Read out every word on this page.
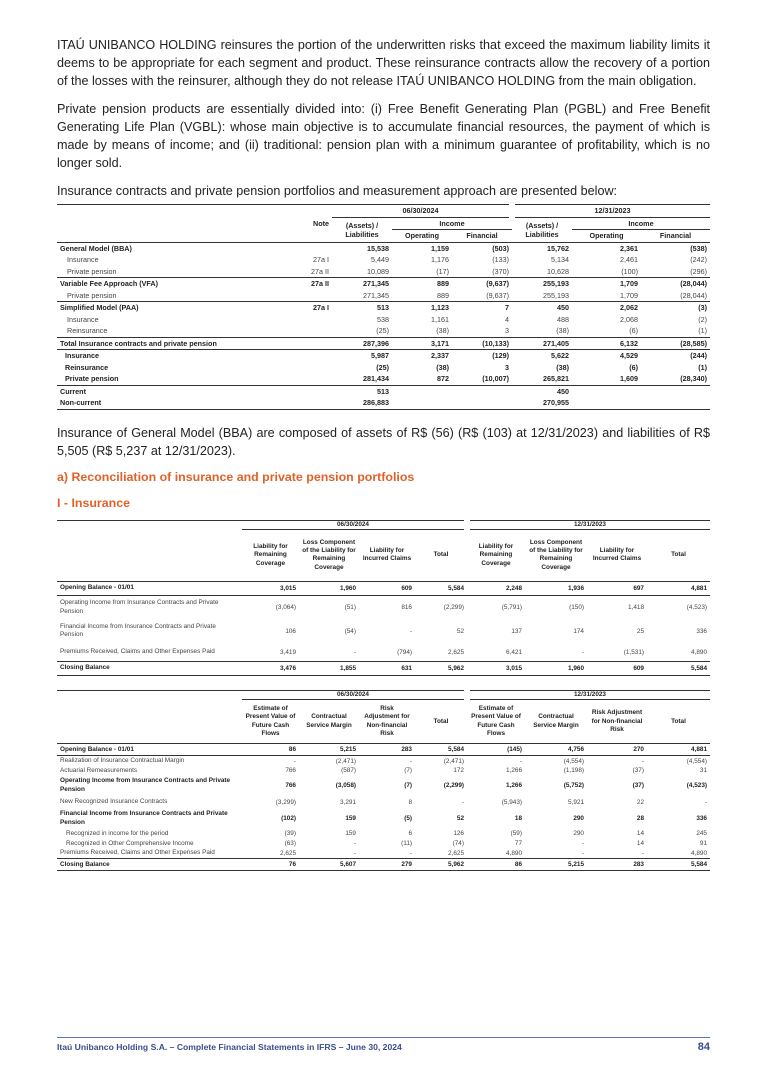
ITAÚ UNIBANCO HOLDING reinsures the portion of the underwritten risks that exceed the maximum liability limits it deems to be appropriate for each segment and product. These reinsurance contracts allow the recovery of a portion of the losses with the reinsurer, although they do not release ITAÚ UNIBANCO HOLDING from the main obligation.

Private pension products are essentially divided into: (i) Free Benefit Generating Plan (PGBL) and Free Benefit Generating Life Plan (VGBL): whose main objective is to accumulate financial resources, the payment of which is made by means of income; and (ii) traditional: pension plan with a minimum guarantee of profitability, which is no longer sold.

Insurance contracts and private pension portfolios and measurement approach are presented below:

		06/30/2024			12/31/2023		
	Note	(Assets) / Liabilities	Income		(Assets) / Liabilities	Income	
			Operating	Financial		Operating	Financial
General Model (BBA)		15,538	1,159	(503)	15,762	2,361	(538)
Insurance	27a I	5,449	1,176	(133)	5,134	2,461	(242)
Private pension	27a II	10,089	(17)	(370)	10,628	(100)	(296)
Variable Fee Approach (VFA)	27a II	271,345	889	(9,637)	255,193	1,709	(28,044)
Private pension		271,345	889	(9,637)	255,193	1,709	(28,044)
Simplified Model (PAA)	27a I	513	1,123	7	450	2,062	(3)
Insurance		538	1,161	4	488	2,068	(2)
Reinsurance		(25)	(38)	3	(38)	(6)	(1)
Total Insurance contracts and private pension		287,396	3,171	(10,133)	271,405	6,132	(28,585)
Insurance		5,987	2,337	(129)	5,622	4,529	(244)
Reinsurance		(25)	(38)	3	(38)	(6)	(1)
Private pension		281,434	872	(10,007)	265,821	1,609	(28,340)
Current		513			450		
Non-current		286,883			270,955		

Insurance of General Model (BBA) are composed of assets of R$ (56) (R$ (103) at 12/31/2023) and liabilities of R$ 5,505 (R$ 5,237 at 12/31/2023).

a) Reconciliation of insurance and private pension portfolios

I - Insurance

	06/30/2024				12/31/2023			
	Liability for Remaining Coverage	Loss Component of the Liability for Remaining Coverage	Liability for Incurred Claims	Total	Liability for Remaining Coverage	Loss Component of the Liability for Remaining Coverage	Liability for Incurred Claims	Total
Opening Balance - 01/01	3,015	1,960	609	5,584	2,248	1,936	697	4,881
Operating Income from Insurance Contracts and Private Pension	(3,064)	(51)	816	(2,299)	(5,791)	(150)	1,418	(4,523)
Financial Income from Insurance Contracts and Private Pension	106	(54)	-	52	137	174	25	336
Premiums Received, Claims and Other Expenses Paid	3,419	-	(794)	2,625	6,421	-	(1,531)	4,890
Closing Balance	3,476	1,855	631	5,962	3,015	1,960	609	5,584
	06/30/2024				12/31/2023			
	Estimate of Present Value of Future Cash Flows	Contractual Service Margin	Risk Adjustment for Non-financial Risk	Total	Estimate of Present Value of Future Cash Flows	Contractual Service Margin	Risk Adjustment for Non-financial Risk	Total
Opening Balance - 01/01	86	5,215	283	5,584	(145)	4,756	270	4,881
Realization of Insurance Contractual Margin	-	(2,471)	-	(2,471)	-	(4,554)	-	(4,554)
Actuarial Remeasurements	766	(587)	(7)	172	1,266	(1,198)	(37)	31
Operating Income from Insurance Contracts and Private Pension	766	(3,058)	(7)	(2,299)	1,266	(5,752)	(37)	(4,523)
New Recognized Insurance Contracts	(3,299)	3,291	8	-	(5,943)	5,921	22	-
Financial Income from Insurance Contracts and Private Pension	(102)	159	(5)	52	18	290	28	336
Recognized in income for the period	(39)	159	6	126	(59)	290	14	245
Recognized in Other Comprehensive Income	(63)	-	(11)	(74)	77	-	14	91
Premiums Received, Claims and Other Expenses Paid	2,625	-	-	2,625	4,890	-	-	4,890
Closing Balance	76	5,607	279	5,962	86	5,215	283	5,584
Itaú Unibanco Holding S.A. – Complete Financial Statements in IFRS – June 30, 2024	84
